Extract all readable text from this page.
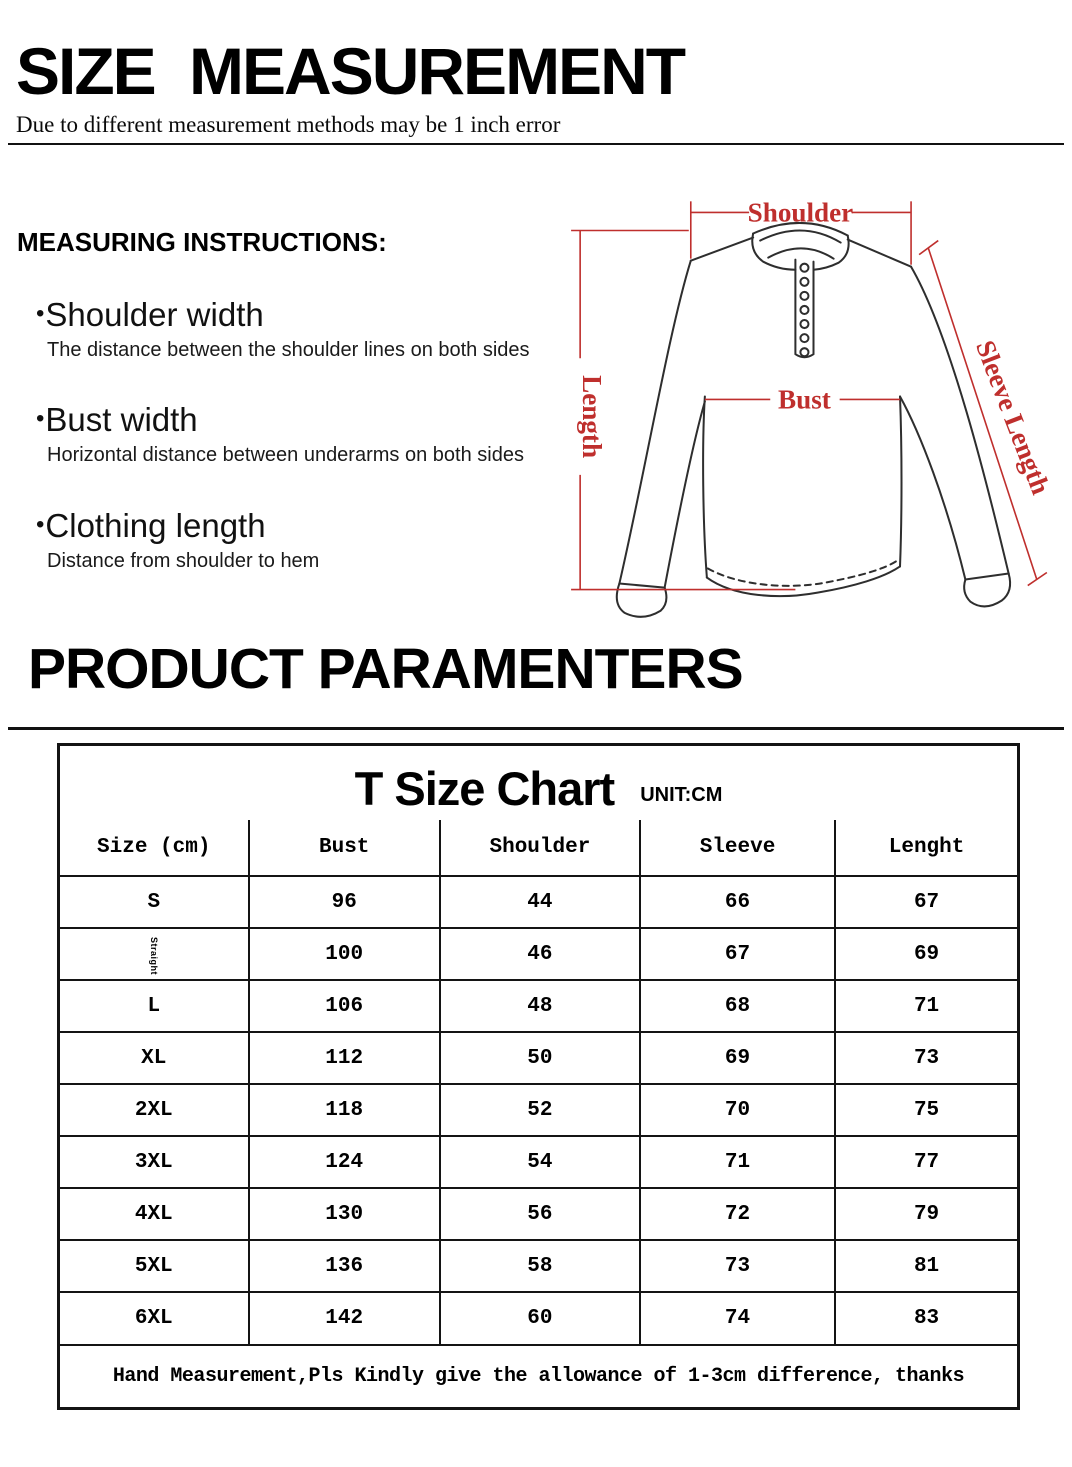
SIZE MEASUREMENT
Due to different measurement methods may be 1 inch error
MEASURING INSTRUCTIONS:
•Shoulder width
The distance between the shoulder lines on both sides
•Bust width
Horizontal distance between underarms on both sides
•Clothing length
Distance from shoulder to hem
Shoulder
Length	Bust	Sleeve Length
PRODUCT PARAMENTERS
T Size Chart UNIT:CM
Size (cm)	Bust	Shoulder	Sleeve	Lenght
S	96	44	66	67
Straight	100	46	67	69
L	106	48	68	71
XL	112	50	69	73
2XL	118	52	70	75
3XL	124	54	71	77
4XL	130	56	72	79
5XL	136	58	73	81
6XL	142	60	74	83
Hand Measurement,Pls Kindly give the allowance of 1-3cm difference, thanks
